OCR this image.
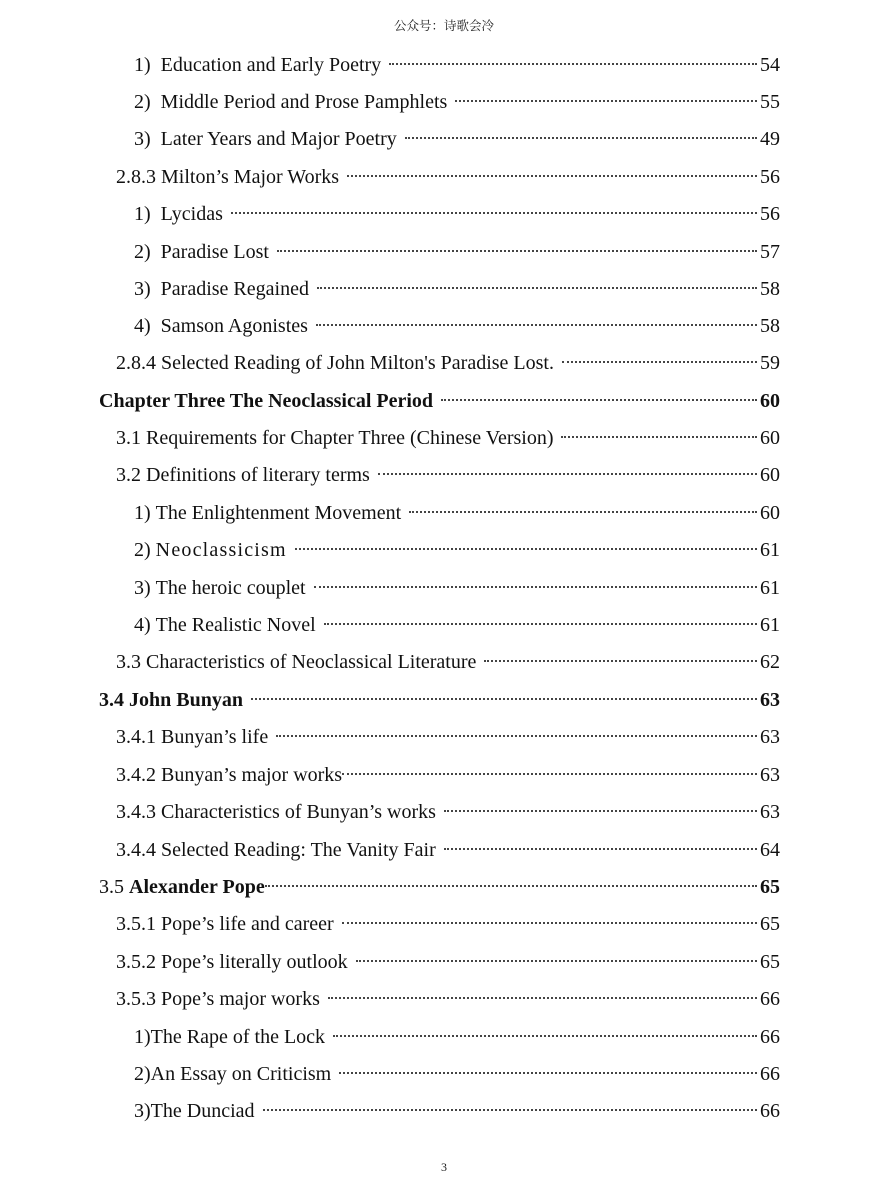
公众号：诗歌会冷
1) Education and Early Poetry	54
2) Middle Period and Prose Pamphlets	55
3) Later Years and Major Poetry	49
2.8.3 Milton’s Major Works	56
1) Lycidas	56
2) Paradise Lost	57
3) Paradise Regained	58
4) Samson Agonistes	58
2.8.4 Selected Reading of John Milton's Paradise Lost.	59
Chapter Three The Neoclassical Period	60
3.1 Requirements for Chapter Three (Chinese Version)	60
3.2 Definitions of literary terms	60
1) The Enlightenment Movement	60
2) Neoclassicism	61
3) The heroic couplet	61
4) The Realistic Novel	61
3.3 Characteristics of Neoclassical Literature	62
3.4 John Bunyan	63
3.4.1 Bunyan’s life	63
3.4.2 Bunyan’s major works	63
3.4.3 Characteristics of Bunyan’s works	63
3.4.4 Selected Reading: The Vanity Fair	64
3.5 Alexander Pope	65
3.5.1 Pope’s life and career	65
3.5.2 Pope’s literally outlook	65
3.5.3 Pope’s major works	66
1) The Rape of the Lock	66
2) An Essay on Criticism	66
3) The Dunciad	66
3
